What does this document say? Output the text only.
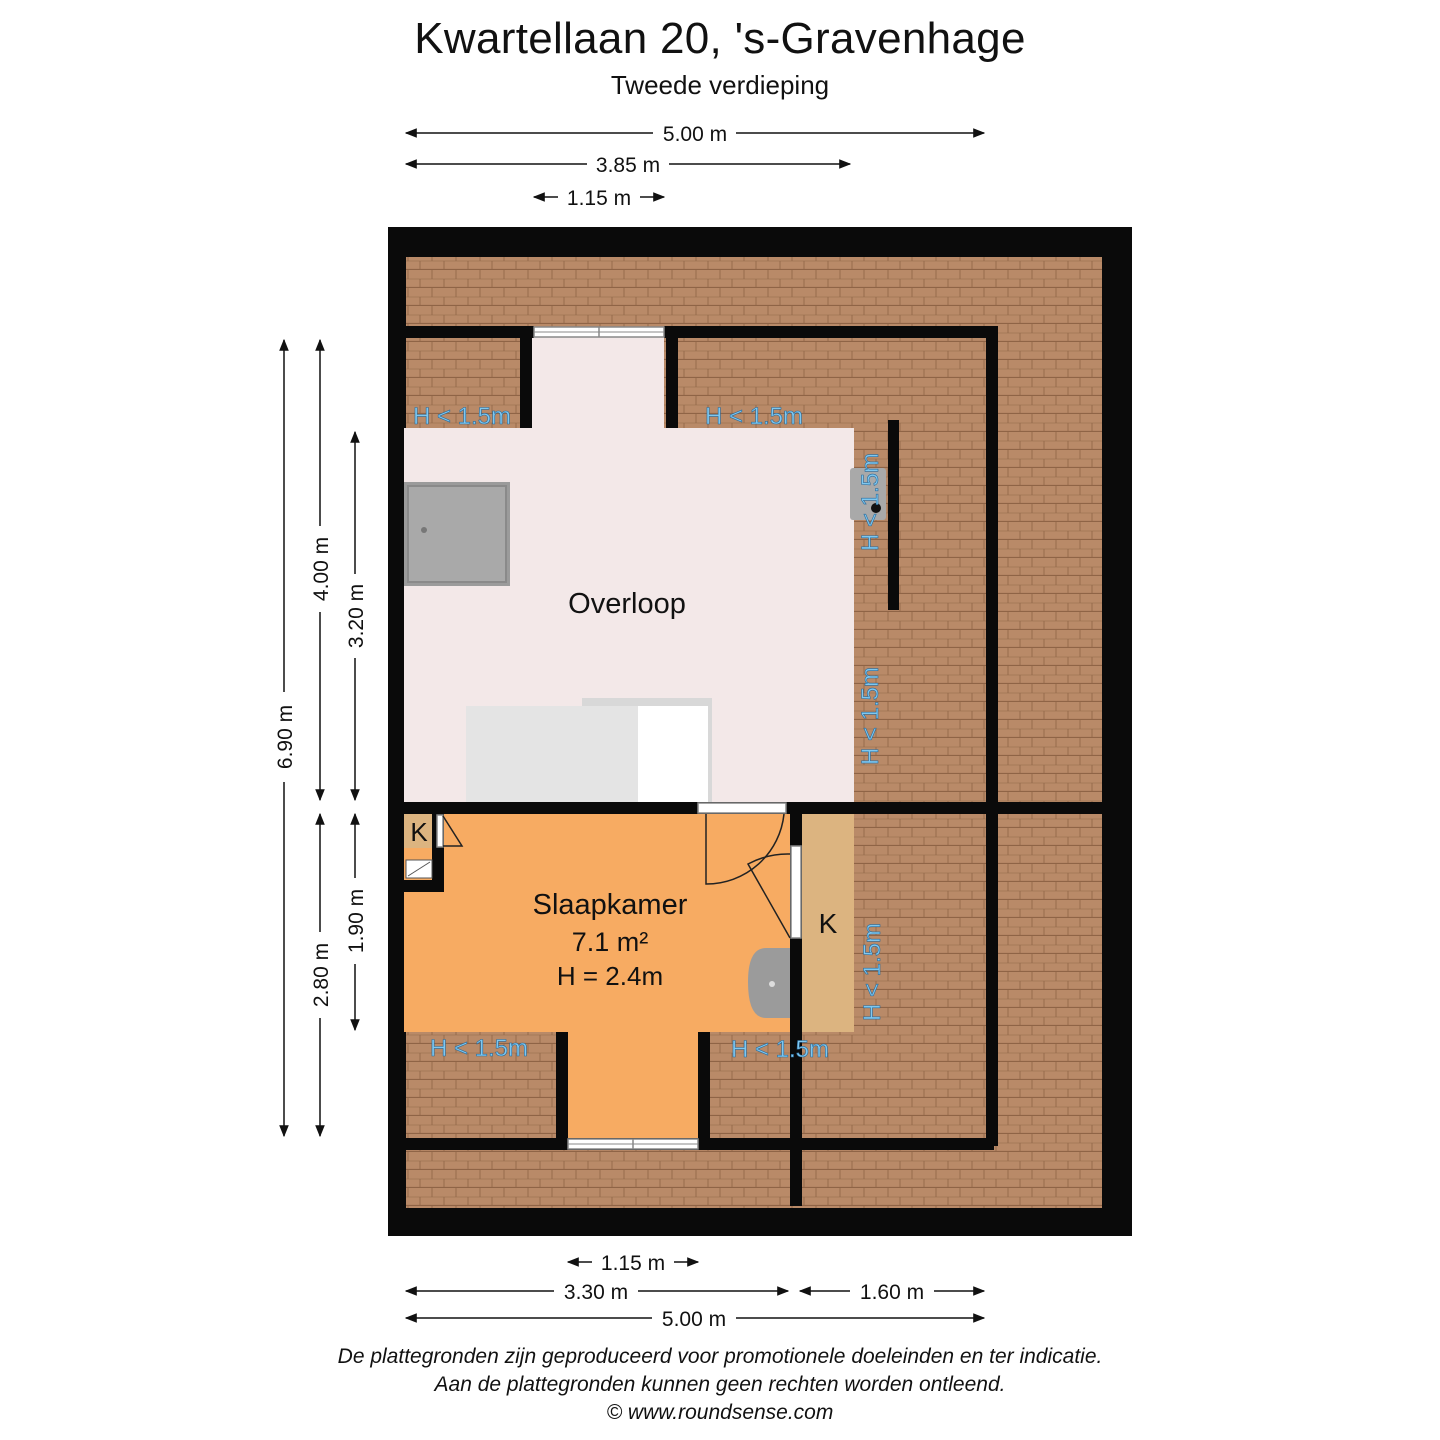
Kwartellaan 20, 's-Gravenhage
Tweede verdieping
Overloop
Slaapkamer
7.1 m²
H = 2.4m
K
K
H < 1.5m	H < 1.5m
H < 1.5m	H < 1.5m
H < 1.5m
H < 1.5m
H < 1.5m
5.00 m
3.85 m
1.15 m
6.90 m
4.00 m
3.20 m
2.80 m
1.90 m
1.15 m
3.30 m	1.60 m
5.00 m
De plattegronden zijn geproduceerd voor promotionele doeleinden en ter indicatie.
Aan de plattegronden kunnen geen rechten worden ontleend.
© www.roundsense.com
